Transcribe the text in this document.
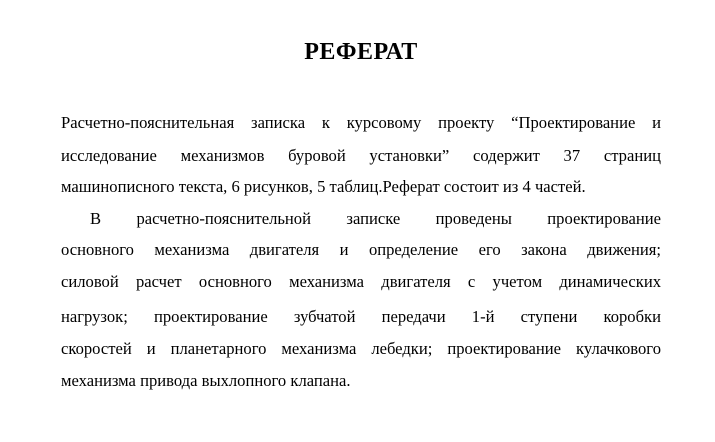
РЕФЕРАТ
Расчетно-пояснительная записка к курсовому проекту “Проектирование и
исследование механизмов буровой установки” содержит 37 страниц
машинописного текста, 6 рисунков, 5 таблиц.Реферат состоит из 4 частей.
В расчетно-пояснительной записке проведены проектирование
основного механизма двигателя и определение его закона движения;
силовой расчет основного механизма двигателя с учетом динамических
нагрузок; проектирование зубчатой передачи 1-й ступени коробки
скоростей и планетарного механизма лебедки; проектирование кулачкового
механизма привода выхлопного клапана.
